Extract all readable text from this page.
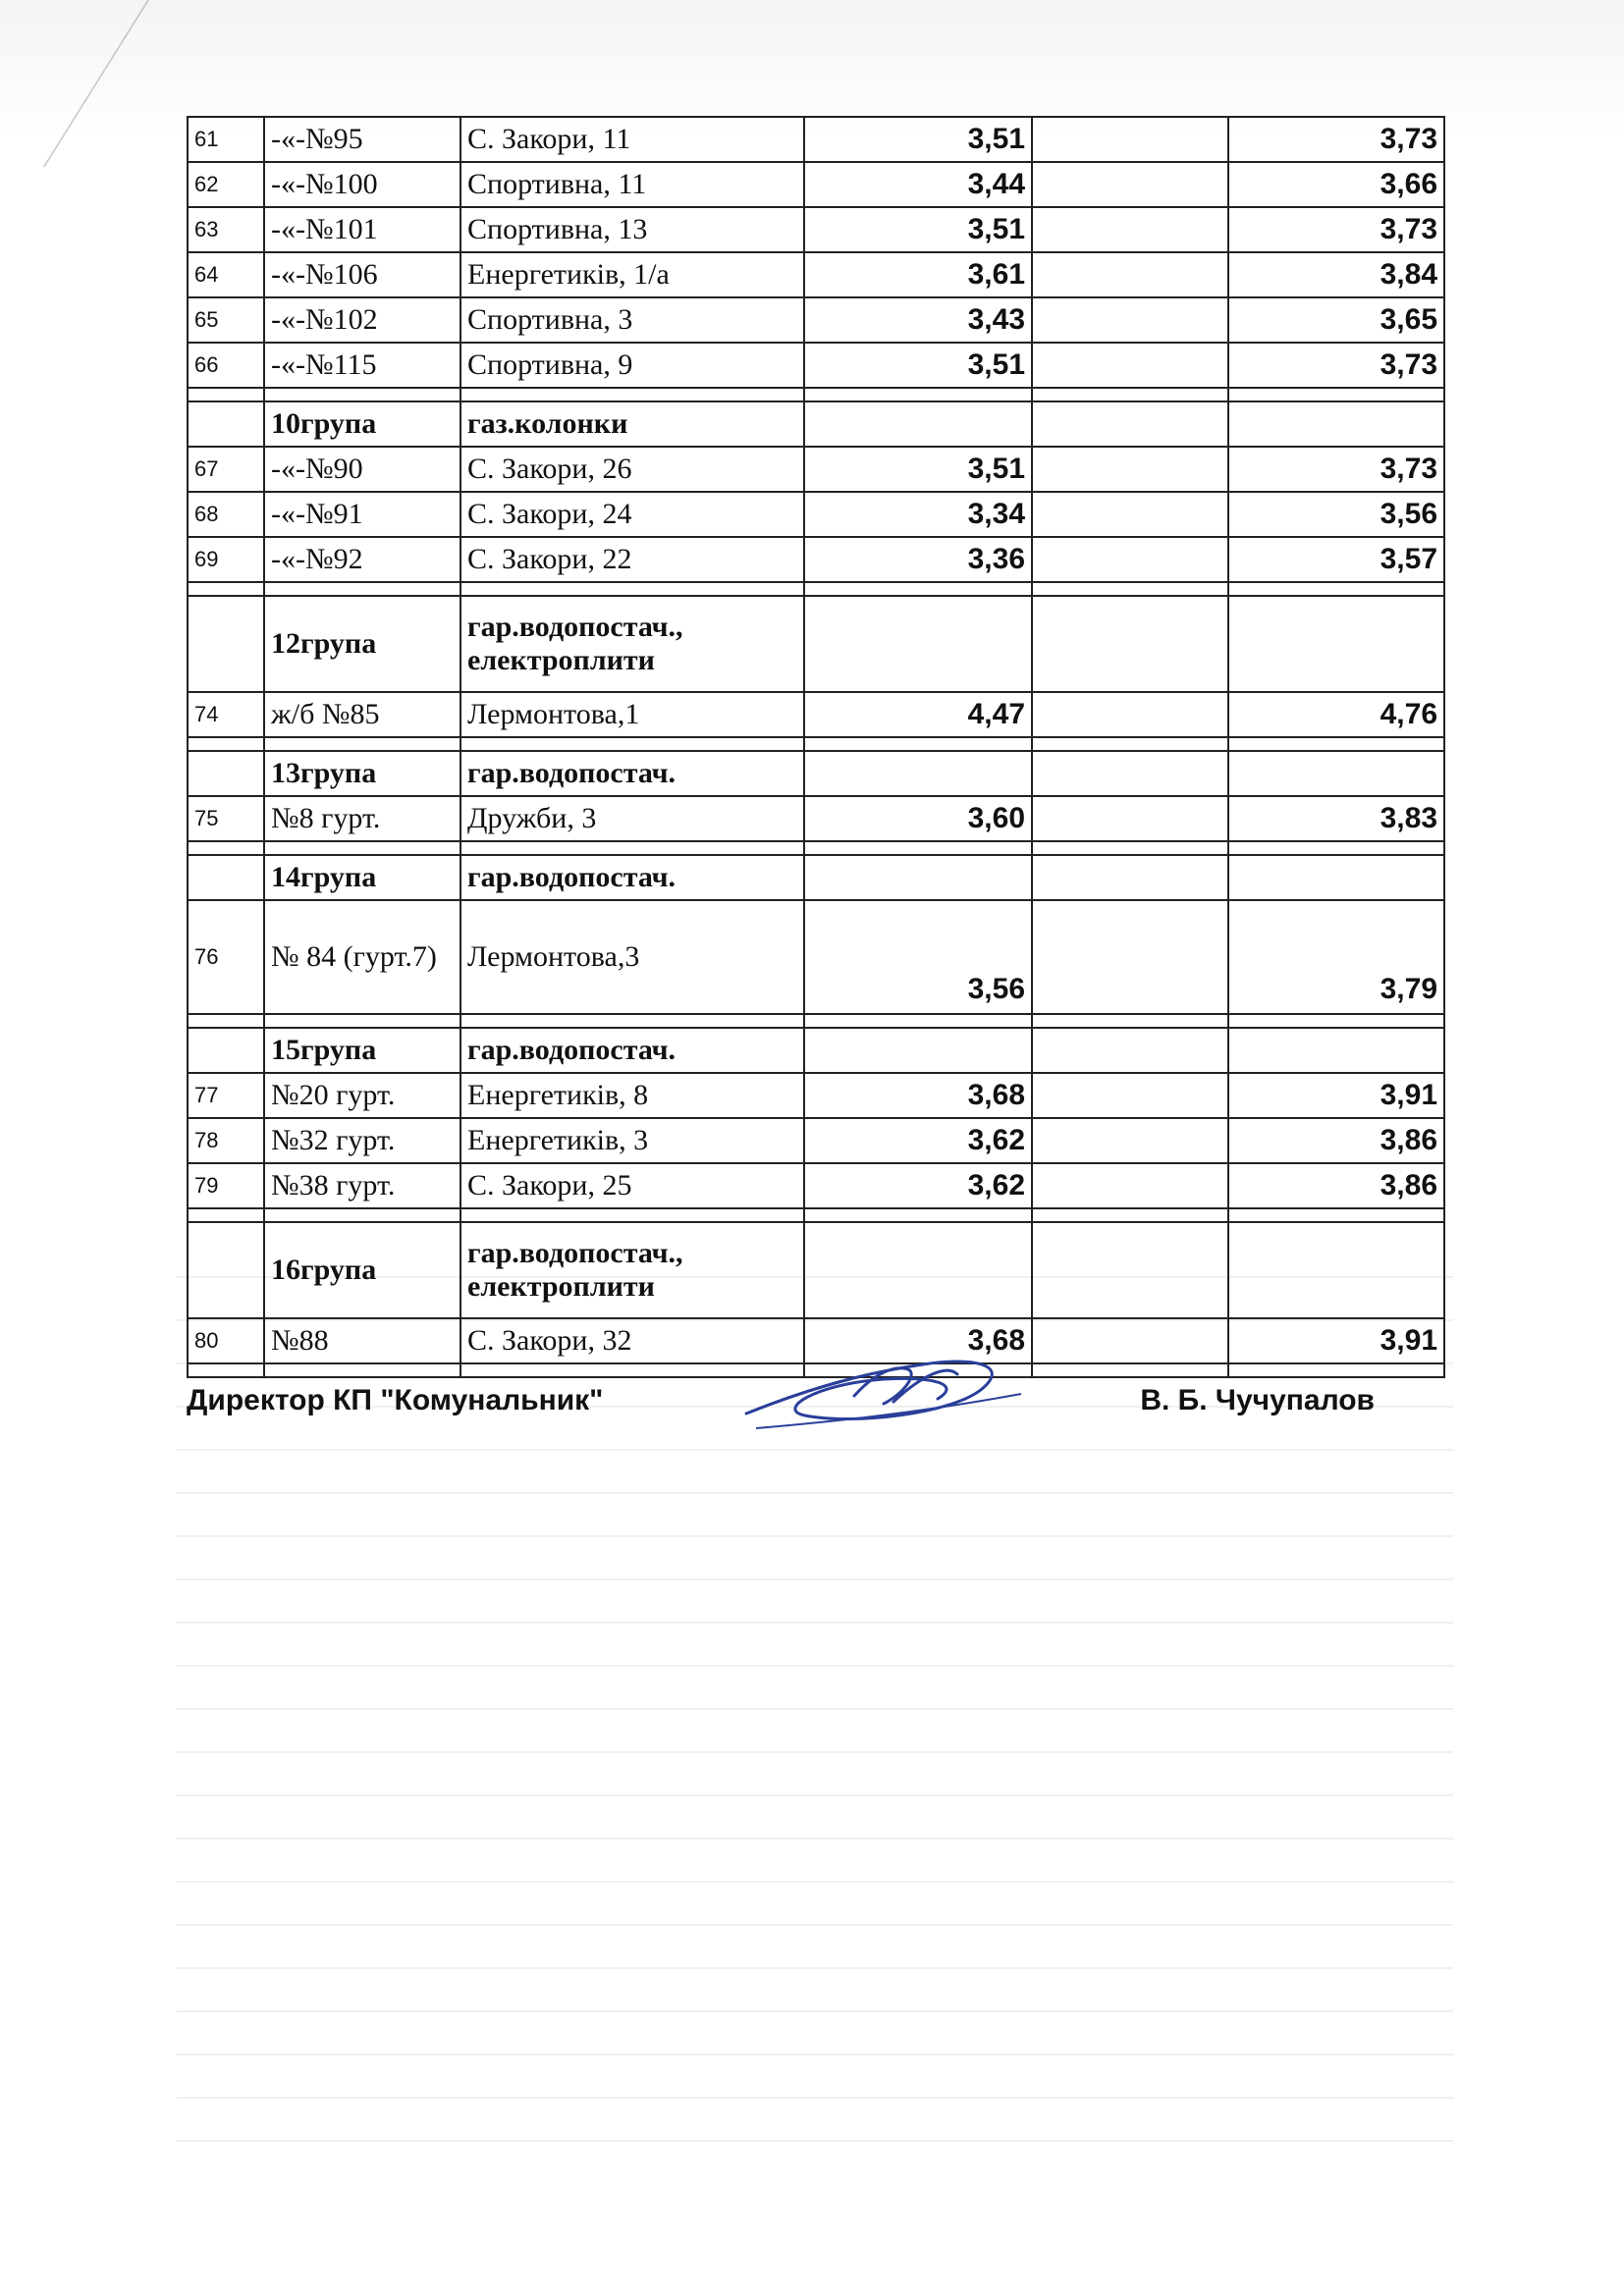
61	-«-№95	С. Закори, 11	3,51		3,73
62	-«-№100	Спортивна, 11	3,44		3,66
63	-«-№101	Спортивна, 13	3,51		3,73
64	-«-№106	Енергетиків, 1/а	3,61		3,84
65	-«-№102	Спортивна, 3	3,43		3,65
66	-«-№115	Спортивна, 9	3,51		3,73

	10група	газ.колонки			
67	-«-№90	С. Закори, 26	3,51		3,73
68	-«-№91	С. Закори, 24	3,34		3,56
69	-«-№92	С. Закори, 22	3,36		3,57

	12група	гар.водопостач., електроплити			
74	ж/б №85	Лермонтова,1	4,47		4,76

	13група	гар.водопостач.			
75	№8 гурт.	Дружби, 3	3,60		3,83

	14група	гар.водопостач.			
76	№ 84 (гурт.7)	Лермонтова,3	3,56		3,79

	15група	гар.водопостач.			
77	№20 гурт.	Енергетиків, 8	3,68		3,91
78	№32 гурт.	Енергетиків, 3	3,62		3,86
79	№38 гурт.	С. Закори, 25	3,62		3,86

	16група	гар.водопостач., електроплити			
80	№88	С. Закори, 32	3,68		3,91

Директор КП "Комунальник"	В. Б. Чучупалов
